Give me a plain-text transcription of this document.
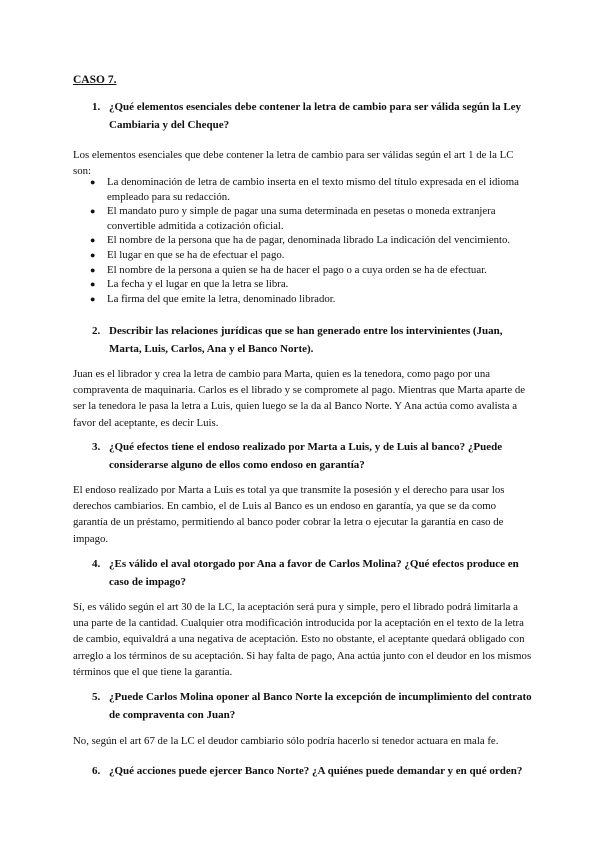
CASO 7.
1. ¿Qué elementos esenciales debe contener la letra de cambio para ser válida según la Ley Cambiaria y del Cheque?
Los elementos esenciales que debe contener la letra de cambio para ser válidas según el art 1 de la LC son:
● La denominación de letra de cambio inserta en el texto mismo del título expresada en el idioma empleado para su redacción.
● El mandato puro y simple de pagar una suma determinada en pesetas o moneda extranjera convertible admitida a cotización oficial.
● El nombre de la persona que ha de pagar, denominada librado La indicación del vencimiento.
● El lugar en que se ha de efectuar el pago.
● El nombre de la persona a quien se ha de hacer el pago o a cuya orden se ha de efectuar.
● La fecha y el lugar en que la letra se libra.
● La firma del que emite la letra, denominado librador.
2. Describir las relaciones jurídicas que se han generado entre los intervinientes (Juan, Marta, Luis, Carlos, Ana y el Banco Norte).
Juan es el librador y crea la letra de cambio para Marta, quien es la tenedora, como pago por una compraventa de maquinaria. Carlos es el librado y se compromete al pago. Mientras que Marta aparte de ser la tenedora le pasa la letra a Luis, quien luego se la da al Banco Norte. Y Ana actúa como avalista a favor del aceptante, es decir Luis.
3. ¿Qué efectos tiene el endoso realizado por Marta a Luis, y de Luis al banco? ¿Puede considerarse alguno de ellos como endoso en garantía?
El endoso realizado por Marta a Luis es total ya que transmite la posesión y el derecho para usar los derechos cambiarios. En cambio, el de Luis al Banco es un endoso en garantía, ya que se da como garantía de un préstamo, permitiendo al banco poder cobrar la letra o ejecutar la garantía en caso de impago.
4. ¿Es válido el aval otorgado por Ana a favor de Carlos Molina? ¿Qué efectos produce en caso de impago?
Sí, es válido según el art 30 de la LC, la aceptación será pura y simple, pero el librado podrá limitarla a una parte de la cantidad. Cualquier otra modificación introducida por la aceptación en el texto de la letra de cambio, equivaldrá a una negativa de aceptación. Esto no obstante, el aceptante quedará obligado con arreglo a los términos de su aceptación. Si hay falta de pago, Ana actúa junto con el deudor en los mismos términos que el que tiene la garantía.
5. ¿Puede Carlos Molina oponer al Banco Norte la excepción de incumplimiento del contrato de compraventa con Juan?
No, según el art 67 de la LC el deudor cambiario sólo podría hacerlo si tenedor actuara en mala fe.
6. ¿Qué acciones puede ejercer Banco Norte? ¿A quiénes puede demandar y en qué orden?
